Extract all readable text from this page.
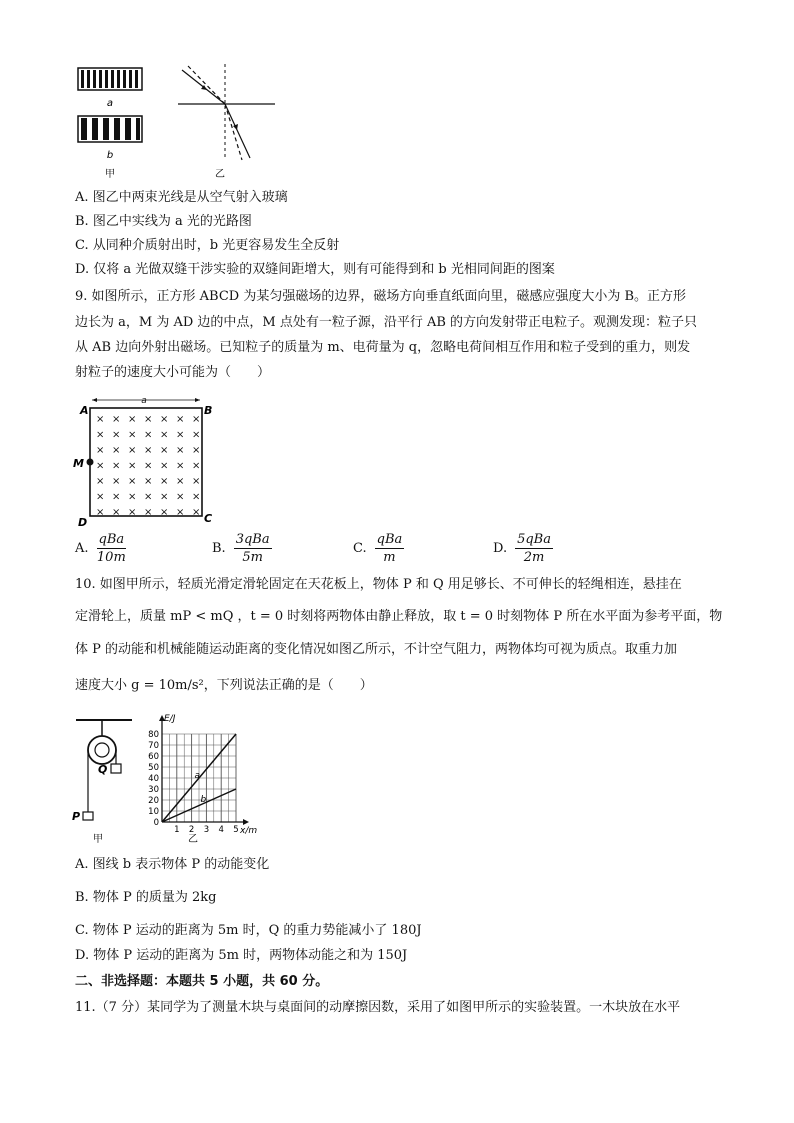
a
b
甲	乙
A. 图乙中两束光线是从空气射入玻璃
B. 图乙中实线为 a 光的光路图
C. 从同种介质射出时，b 光更容易发生全反射
D. 仅将 a 光做双缝干涉实验的双缝间距增大，则有可能得到和 b 光相同间距的图案
9. 如图所示，正方形 ABCD 为某匀强磁场的边界，磁场方向垂直纸面向里，磁感应强度大小为 B。正方形
边长为 a，M 为 AD 边的中点，M 点处有一粒子源，沿平行 AB 的方向发射带正电粒子。观测发现：粒子只
从 AB 边向外射出磁场。已知粒子的质量为 m、电荷量为 q，忽略电荷间相互作用和粒子受到的重力，则发
射粒子的速度大小可能为（　　）
a
A	B
C
D
M
× × × × × × ×
× × × × × × ×
× × × × × × ×
× × × × × × ×
× × × × × × ×
× × × × × × ×
× × × × × × ×
A. $\frac{\text{qBa}}{10m}$	B. $\frac{\text{3qBa}}{5m}$	C. $\frac{\text{qBa}}{m}$	D. $\frac{\text{5qBa}}{2m}$
10. 如图甲所示，轻质光滑定滑轮固定在天花板上，物体 P 和 Q 用足够长、不可伸长的轻绳相连，悬挂在
定滑轮上，质量 mP < mQ ，t = 0 时刻将两物体由静止释放，取 t = 0 时刻物体 P 所在水平面为参考平面，物
体 P 的动能和机械能随运动距离的变化情况如图乙所示，不计空气阻力，两物体均可视为质点。取重力加
速度大小 g = 10m/s²，下列说法正确的是（　　）
Q
P
甲
80
70
60
50
40
30
20
10
0
1 2 3 4 5
E/J
x/m
a
b
乙
A. 图线 b 表示物体 P 的动能变化
B. 物体 P 的质量为 2kg
C. 物体 P 运动的距离为 5m 时，Q 的重力势能减小了 180J
D. 物体 P 运动的距离为 5m 时，两物体动能之和为 150J
二、非选择题：本题共 5 小题，共 60 分。
11.（7 分）某同学为了测量木块与桌面间的动摩擦因数，采用了如图甲所示的实验装置。一木块放在水平
